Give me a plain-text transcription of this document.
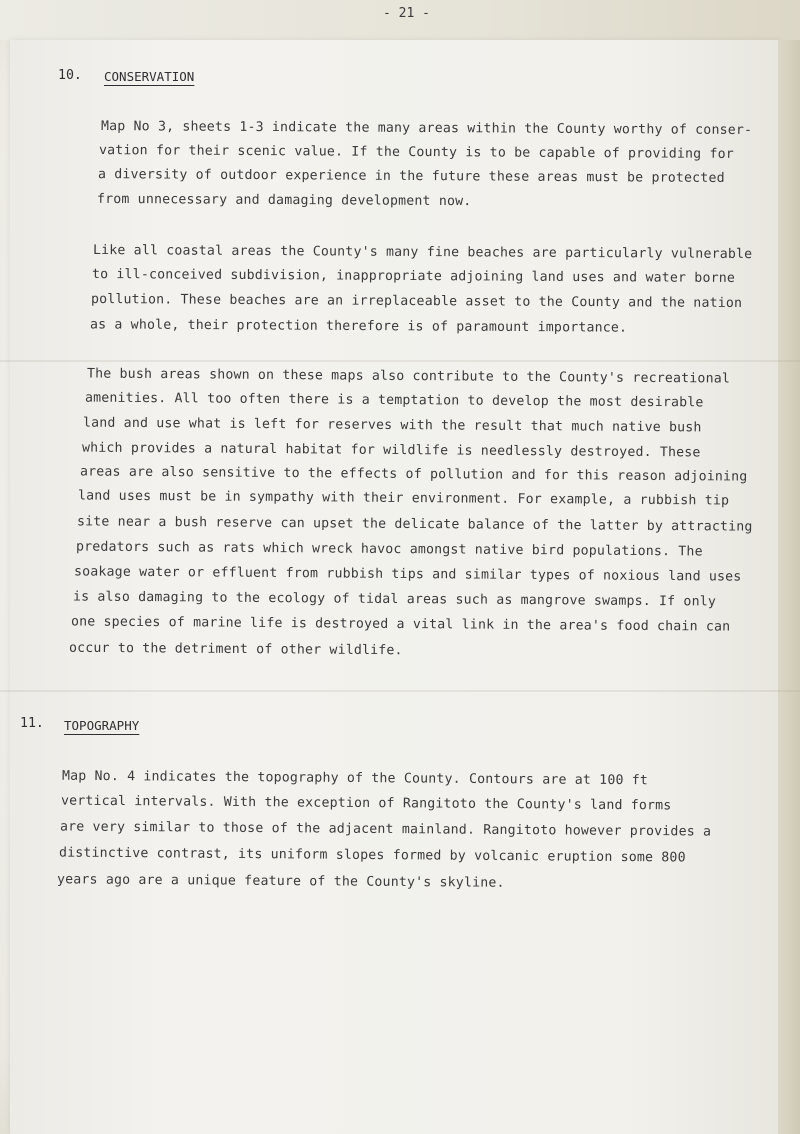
- 21 -
10. CONSERVATION
Map No 3, sheets 1-3 indicate the many areas within the County worthy of conser-
vation for their scenic value. If the County is to be capable of providing for
a diversity of outdoor experience in the future these areas must be protected
from unnecessary and damaging development now.
Like all coastal areas the County's many fine beaches are particularly vulnerable
to ill-conceived subdivision, inappropriate adjoining land uses and water borne
pollution. These beaches are an irreplaceable asset to the County and the nation
as a whole, their protection therefore is of paramount importance.
The bush areas shown on these maps also contribute to the County's recreational
amenities. All too often there is a temptation to develop the most desirable
land and use what is left for reserves with the result that much native bush
which provides a natural habitat for wildlife is needlessly destroyed. These
areas are also sensitive to the effects of pollution and for this reason adjoining
land uses must be in sympathy with their environment. For example, a rubbish tip
site near a bush reserve can upset the delicate balance of the latter by attracting
predators such as rats which wreck havoc amongst native bird populations. The
soakage water or effluent from rubbish tips and similar types of noxious land uses
is also damaging to the ecology of tidal areas such as mangrove swamps. If only
one species of marine life is destroyed a vital link in the area's food chain can
occur to the detriment of other wildlife.
11. TOPOGRAPHY
Map No. 4 indicates the topography of the County. Contours are at 100 ft
vertical intervals. With the exception of Rangitoto the County's land forms
are very similar to those of the adjacent mainland. Rangitoto however provides a
distinctive contrast, its uniform slopes formed by volcanic eruption some 800
years ago are a unique feature of the County's skyline.
